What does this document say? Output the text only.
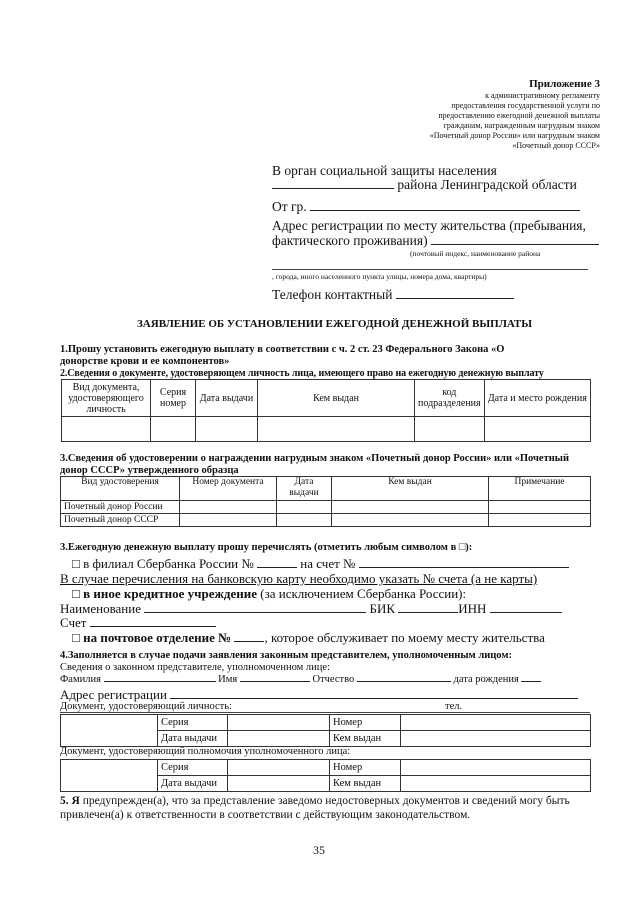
Приложение 3
к административному регламенту
предоставления государственной услуги по
предоставлению ежегодной денежной выплаты
гражданам, награжденным нагрудным знаком
«Почетный донор России» или нагрудным знаком
«Почетный донор СССР»
В орган социальной защиты населения
района Ленинградской области
От гр.
Адрес регистрации по месту жительства (пребывания,
фактического проживания)
(почтовый индекс, наименование района
, города, иного населенного пункта улицы, номера дома, квартиры)
Телефон контактный
ЗАЯВЛЕНИЕ ОБ УСТАНОВЛЕНИИ ЕЖЕГОДНОЙ ДЕНЕЖНОЙ ВЫПЛАТЫ
1.Прошу установить ежегодную выплату в соответствии с ч. 2 ст. 23 Федерального Закона «О
донорстве крови и ее компонентов»
2.Сведения о документе, удостоверяющем личность лица, имеющего право на ежегодную денежную выплату
Вид документа, удостоверяющего личность	Серия номер	Дата выдачи	Кем выдан	код подразделения	Дата и место рождения

3.Сведения об удостоверении о награждении нагрудным знаком «Почетный донор России» или «Почетный
донор СССР» утвержденного образца
Вид удостоверения	Номер документа	Дата выдачи	Кем выдан	Примечание
Почетный донор России				
Почетный донор СССР				
3.Ежегодную денежную выплату прошу перечислять (отметить любым символом в □):
□ в филиал Сбербанка России №	на счет №
В случае перечисления на банковскую карту необходимо указать № счета (а не карты)
□ в иное кредитное учреждение (за исключением Сбербанка России):
Наименование	БИК	ИНН
Счет
□ на почтовое отделение №	, которое обслуживает по моему месту жительства
4.Заполняется в случае подачи заявления законным представителем, уполномоченным лицом:
Сведения о законном представителе, уполномоченном лице:
Фамилия	Имя	Отчество	дата рождения
Адрес регистрации
Документ, удостоверяющий личность:	тел.
	Серия		Номер	
	Дата выдачи		Кем выдан	
Документ, удостоверяющий полномочия уполномоченного лица:
	Серия		Номер	
	Дата выдачи		Кем выдан	
5. Я предупрежден(а), что за представление заведомо недостоверных документов и сведений могу быть
привлечен(а) к ответственности в соответствии с действующим законодательством.
35
